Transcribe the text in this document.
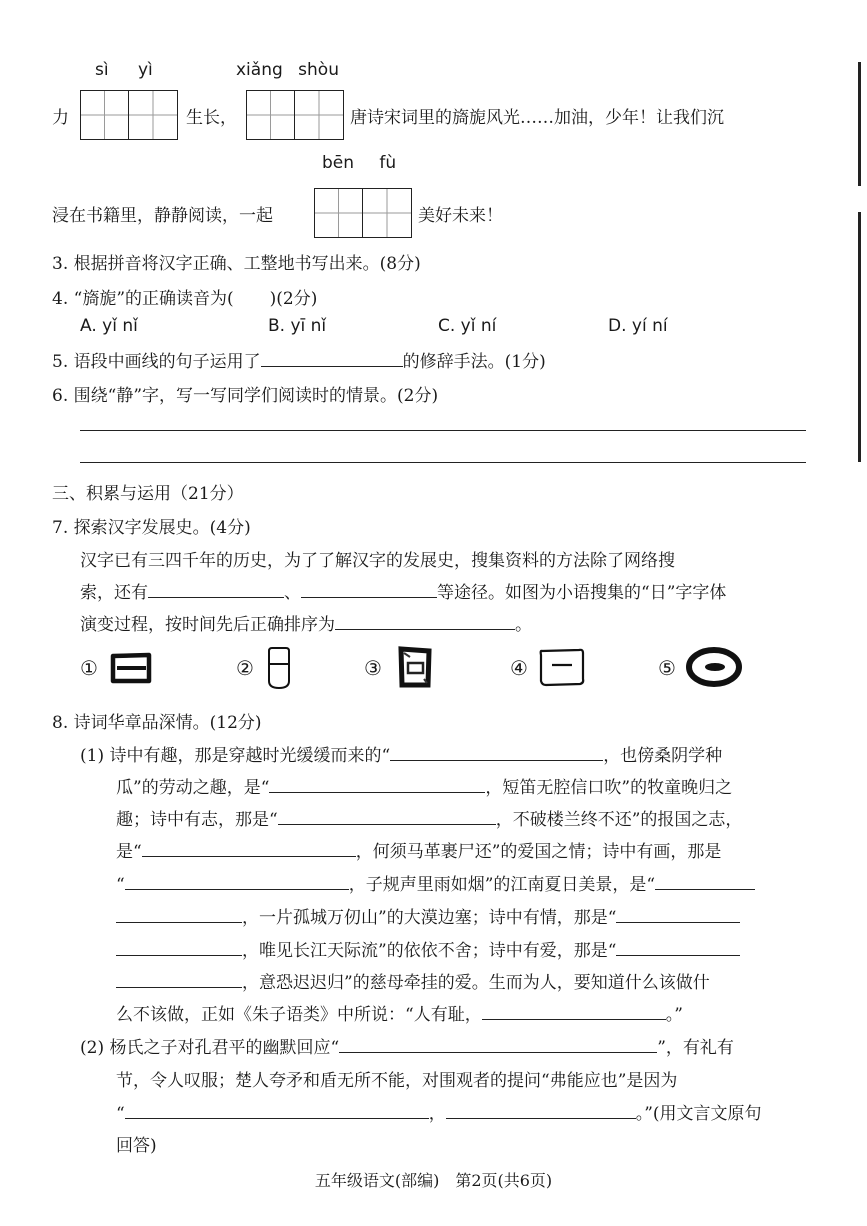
sì yì	xiǎng shòu
力	生长，	唐诗宋词里的旖旎风光……加油，少年！让我们沉
bēn fù
浸在书籍里，静静阅读，一起	美好未来！
3. 根据拼音将汉字正确、工整地书写出来。(8分)
4. “旖旎”的正确读音为( )(2分)
A. yǐ nǐ	B. yī nǐ	C. yǐ ní	D. yí ní
5. 语段中画线的句子运用了	的修辞手法。(1分)
6. 围绕“静”字，写一写同学们阅读时的情景。(2分)
三、积累与运用（21分）
7. 探索汉字发展史。(4分)
汉字已有三四千年的历史，为了了解汉字的发展史，搜集资料的方法除了网络搜
索，还有	、	等途径。如图为小语搜集的“日”字字体
演变过程，按时间先后正确排序为	。
①	②	③	④	⑤
8. 诗词华章品深情。(12分)
(1) 诗中有趣，那是穿越时光缓缓而来的“	，也傍桑阴学种
瓜”的劳动之趣，是“	，短笛无腔信口吹”的牧童晚归之
趣；诗中有志，那是“	，不破楼兰终不还”的报国之志，
是“	，何须马革裹尸还”的爱国之情；诗中有画，那是
“	，子规声里雨如烟”的江南夏日美景，是“
，一片孤城万仞山”的大漠边塞；诗中有情，那是“
，唯见长江天际流”的依依不舍；诗中有爱，那是“
，意恐迟迟归”的慈母牵挂的爱。生而为人，要知道什么该做什
么不该做，正如《朱子语类》中所说：“人有耻，	。”
(2) 杨氏之子对孔君平的幽默回应“	”，有礼有
节，令人叹服；楚人夸矛和盾无所不能，对围观者的提问“弗能应也”是因为
“	，	。”(用文言文原句
回答)
五年级语文(部编)　第2页(共6页)
